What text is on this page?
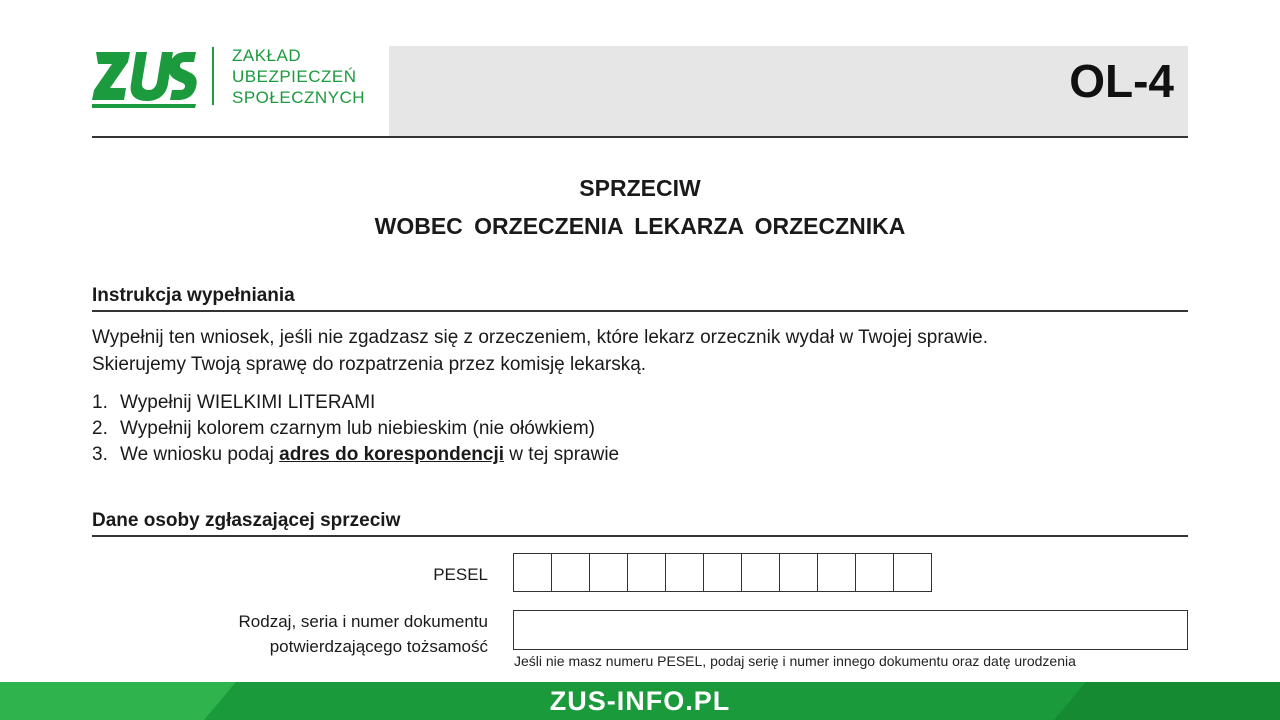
ZAKŁAD
UBEZPIECZEŃ
SPOŁECZNYCH	OL-4
SPRZECIW
WOBEC ORZECZENIA LEKARZA ORZECZNIKA
Instrukcja wypełniania
Wypełnij ten wniosek, jeśli nie zgadzasz się z orzeczeniem, które lekarz orzecznik wydał w Twojej sprawie.
Skierujemy Twoją sprawę do rozpatrzenia przez komisję lekarską.
1. Wypełnij WIELKIMI LITERAMI
2. Wypełnij kolorem czarnym lub niebieskim (nie ołówkiem)
3. We wniosku podaj adres do korespondencji w tej sprawie
Dane osoby zgłaszającej sprzeciw
PESEL
Rodzaj, seria i numer dokumentu
potwierdzającego tożsamość
Jeśli nie masz numeru PESEL, podaj serię i numer innego dokumentu oraz datę urodzenia
ZUS-INFO.PL
